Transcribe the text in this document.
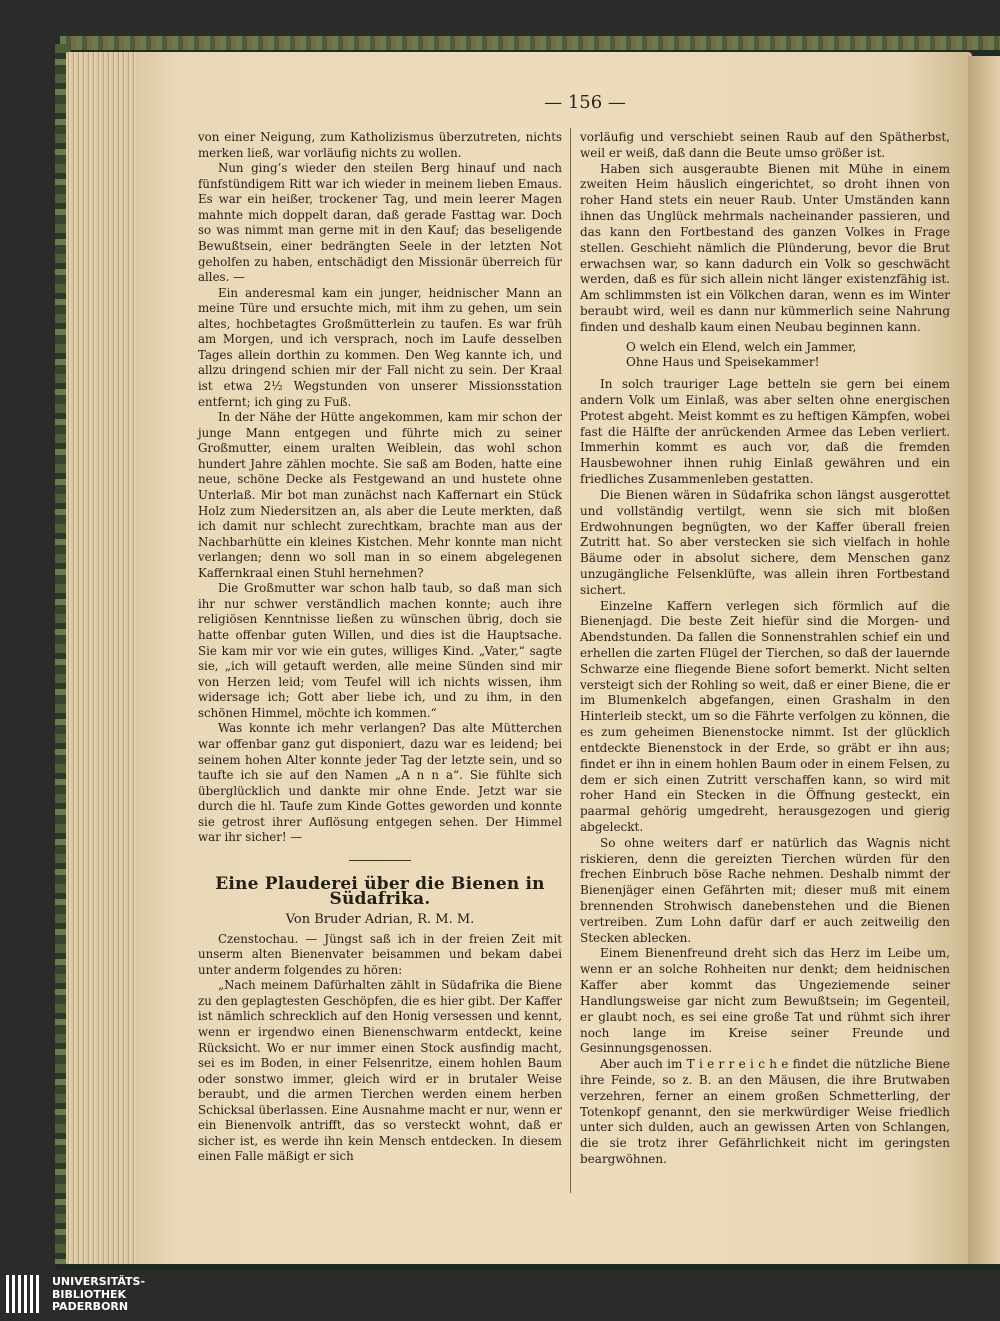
— 156 —

von einer Neigung, zum Katholizismus überzutreten, nichts merken ließ, war vorläufig nichts zu wollen.

Nun ging’s wieder den steilen Berg hinauf und nach fünfstündigem Ritt war ich wieder in meinem lieben Emaus. Es war ein heißer, trockener Tag, und mein leerer Magen mahnte mich doppelt daran, daß gerade Fasttag war. Doch so was nimmt man gerne mit in den Kauf; das beseligende Bewußtsein, einer bedrängten Seele in der letzten Not geholfen zu haben, entschädigt den Missionär überreich für alles. —

Ein anderesmal kam ein junger, heidnischer Mann an meine Türe und ersuchte mich, mit ihm zu gehen, um sein altes, hochbetagtes Großmütterlein zu taufen. Es war früh am Morgen, und ich versprach, noch im Laufe desselben Tages allein dorthin zu kommen. Den Weg kannte ich, und allzu dringend schien mir der Fall nicht zu sein. Der Kraal ist etwa 2½ Wegstunden von unserer Missionsstation entfernt; ich ging zu Fuß.

In der Nähe der Hütte angekommen, kam mir schon der junge Mann entgegen und führte mich zu seiner Großmutter, einem uralten Weiblein, das wohl schon hundert Jahre zählen mochte. Sie saß am Boden, hatte eine neue, schöne Decke als Festgewand an und hustete ohne Unterlaß. Mir bot man zunächst nach Kaffernart ein Stück Holz zum Niedersitzen an, als aber die Leute merkten, daß ich damit nur schlecht zurechtkam, brachte man aus der Nachbarhütte ein kleines Kistchen. Mehr konnte man nicht verlangen; denn wo soll man in so einem abgelegenen Kaffernkraal einen Stuhl hernehmen?

Die Großmutter war schon halb taub, so daß man sich ihr nur schwer verständlich machen konnte; auch ihre religiösen Kenntnisse ließen zu wünschen übrig, doch sie hatte offenbar guten Willen, und dies ist die Hauptsache. Sie kam mir vor wie ein gutes, williges Kind. „Vater,“ sagte sie, „ich will getauft werden, alle meine Sünden sind mir von Herzen leid; vom Teufel will ich nichts wissen, ihm widersage ich; Gott aber liebe ich, und zu ihm, in den schönen Himmel, möchte ich kommen.“

Was konnte ich mehr verlangen? Das alte Mütterchen war offenbar ganz gut disponiert, dazu war es leidend; bei seinem hohen Alter konnte jeder Tag der letzte sein, und so taufte ich sie auf den Namen „A n n a“. Sie fühlte sich überglücklich und dankte mir ohne Ende. Jetzt war sie durch die hl. Taufe zum Kinde Gottes geworden und konnte sie getrost ihrer Auflösung entgegen sehen. Der Himmel war ihr sicher! —

Eine Plauderei über die Bienen in Südafrika.
Von Bruder Adrian, R. M. M.

Czenstochau. — Jüngst saß ich in der freien Zeit mit unserm alten Bienenvater beisammen und bekam dabei unter anderm folgendes zu hören:

„Nach meinem Dafürhalten zählt in Südafrika die Biene zu den geplagtesten Geschöpfen, die es hier gibt. Der Kaffer ist nämlich schrecklich auf den Honig versessen und kennt, wenn er irgendwo einen Bienenschwarm entdeckt, keine Rücksicht. Wo er nur immer einen Stock ausfindig macht, sei es im Boden, in einer Felsenritze, einem hohlen Baum oder sonstwo immer, gleich wird er in brutaler Weise beraubt, und die armen Tierchen werden einem herben Schicksal überlassen. Eine Ausnahme macht er nur, wenn er ein Bienenvolk antrifft, das so versteckt wohnt, daß er sicher ist, es werde ihn kein Mensch entdecken. In diesem einen Falle mäßigt er sich

vorläufig und verschiebt seinen Raub auf den Spätherbst, weil er weiß, daß dann die Beute umso größer ist.

Haben sich ausgeraubte Bienen mit Mühe in einem zweiten Heim häuslich eingerichtet, so droht ihnen von roher Hand stets ein neuer Raub. Unter Umständen kann ihnen das Unglück mehrmals nacheinander passieren, und das kann den Fortbestand des ganzen Volkes in Frage stellen. Geschieht nämlich die Plünderung, bevor die Brut erwachsen war, so kann dadurch ein Volk so geschwächt werden, daß es für sich allein nicht länger existenzfähig ist. Am schlimmsten ist ein Völkchen daran, wenn es im Winter beraubt wird, weil es dann nur kümmerlich seine Nahrung finden und deshalb kaum einen Neubau beginnen kann.

O welch ein Elend, welch ein Jammer,
Ohne Haus und Speisekammer!

In solch trauriger Lage betteln sie gern bei einem andern Volk um Einlaß, was aber selten ohne energischen Protest abgeht. Meist kommt es zu heftigen Kämpfen, wobei fast die Hälfte der anrückenden Armee das Leben verliert. Immerhin kommt es auch vor, daß die fremden Hausbewohner ihnen ruhig Einlaß gewähren und ein friedliches Zusammenleben gestatten.

Die Bienen wären in Südafrika schon längst ausgerottet und vollständig vertilgt, wenn sie sich mit bloßen Erdwohnungen begnügten, wo der Kaffer überall freien Zutritt hat. So aber verstecken sie sich vielfach in hohle Bäume oder in absolut sichere, dem Menschen ganz unzugängliche Felsenklüfte, was allein ihren Fortbestand sichert.

Einzelne Kaffern verlegen sich förmlich auf die Bienenjagd. Die beste Zeit hiefür sind die Morgen- und Abendstunden. Da fallen die Sonnenstrahlen schief ein und erhellen die zarten Flügel der Tierchen, so daß der lauernde Schwarze eine fliegende Biene sofort bemerkt. Nicht selten versteigt sich der Rohling so weit, daß er einer Biene, die er im Blumenkelch abgefangen, einen Grashalm in den Hinterleib steckt, um so die Fährte verfolgen zu können, die es zum geheimen Bienenstocke nimmt. Ist der glücklich entdeckte Bienenstock in der Erde, so gräbt er ihn aus; findet er ihn in einem hohlen Baum oder in einem Felsen, zu dem er sich einen Zutritt verschaffen kann, so wird mit roher Hand ein Stecken in die Öffnung gesteckt, ein paarmal gehörig umgedreht, herausgezogen und gierig abgeleckt.

So ohne weiters darf er natürlich das Wagnis nicht riskieren, denn die gereizten Tierchen würden für den frechen Einbruch böse Rache nehmen. Deshalb nimmt der Bienenjäger einen Gefährten mit; dieser muß mit einem brennenden Strohwisch danebenstehen und die Bienen vertreiben. Zum Lohn dafür darf er auch zeitweilig den Stecken ablecken.

Einem Bienenfreund dreht sich das Herz im Leibe um, wenn er an solche Rohheiten nur denkt; dem heidnischen Kaffer aber kommt das Ungeziemende seiner Handlungsweise gar nicht zum Bewußtsein; im Gegenteil, er glaubt noch, es sei eine große Tat und rühmt sich ihrer noch lange im Kreise seiner Freunde und Gesinnungsgenossen.

Aber auch im T i e r r e i c h e findet die nützliche Biene ihre Feinde, so z. B. an den Mäusen, die ihre Brutwaben verzehren, ferner an einem großen Schmetterling, der Totenkopf genannt, den sie merkwürdiger Weise friedlich unter sich dulden, auch an gewissen Arten von Schlangen, die sie trotz ihrer Gefährlichkeit nicht im geringsten beargwöhnen.

UNIVERSITÄTS-
BIBLIOTHEK
PADERBORN
